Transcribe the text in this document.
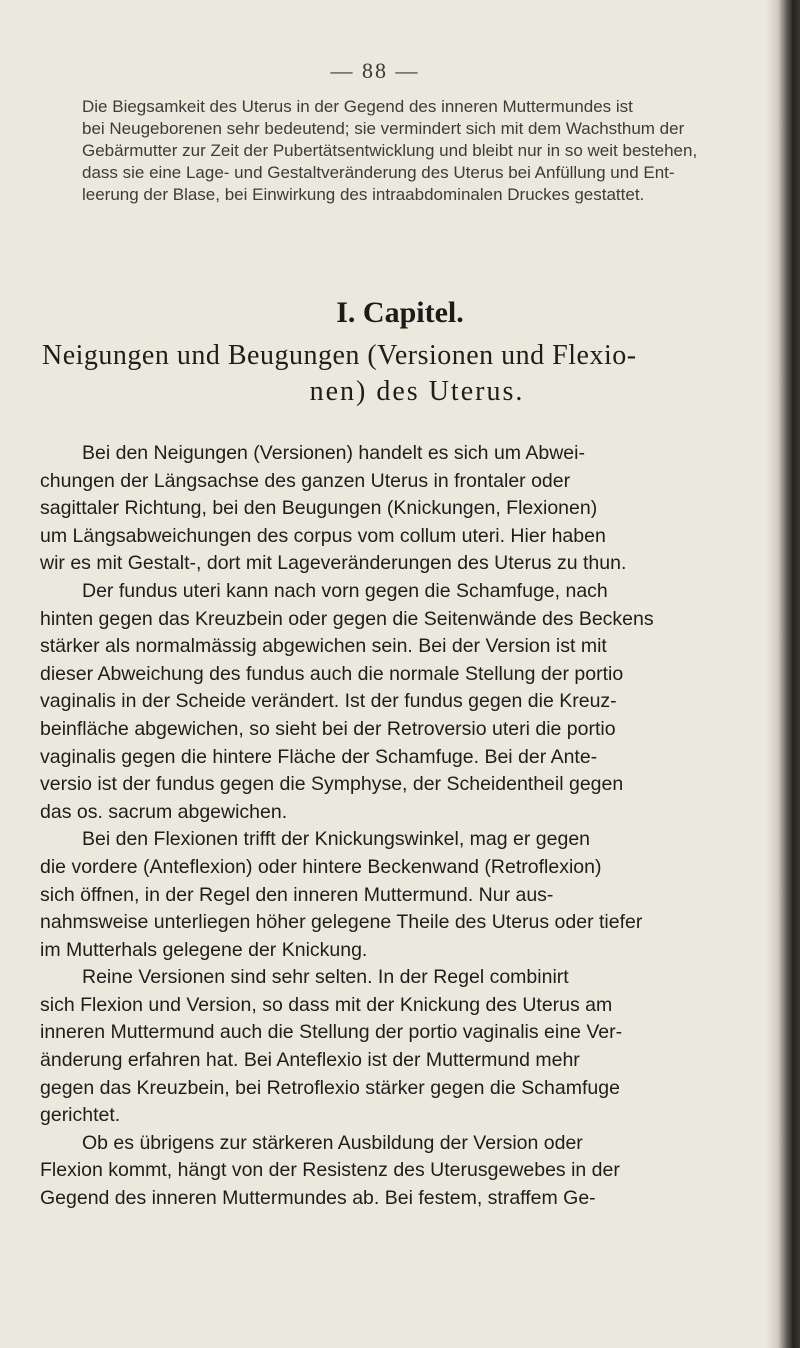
— 88 —
Die Biegsamkeit des Uterus in der Gegend des inneren Muttermundes ist
bei Neugeborenen sehr bedeutend; sie vermindert sich mit dem Wachsthum der
Gebärmutter zur Zeit der Pubertätsentwicklung und bleibt nur in so weit bestehen,
dass sie eine Lage- und Gestaltveränderung des Uterus bei Anfüllung und Ent-
leerung der Blase, bei Einwirkung des intraabdominalen Druckes gestattet.
I. Capitel.
Neigungen und Beugungen (Versionen und Flexio-
nen) des Uterus.
Bei den Neigungen (Versionen) handelt es sich um Abwei-
chungen der Längsachse des ganzen Uterus in frontaler oder
sagittaler Richtung, bei den Beugungen (Knickungen, Flexionen)
um Längsabweichungen des corpus vom collum uteri. Hier haben
wir es mit Gestalt-, dort mit Lageveränderungen des Uterus zu thun.
Der fundus uteri kann nach vorn gegen die Schamfuge, nach
hinten gegen das Kreuzbein oder gegen die Seitenwände des Beckens
stärker als normalmässig abgewichen sein. Bei der Version ist mit
dieser Abweichung des fundus auch die normale Stellung der portio
vaginalis in der Scheide verändert. Ist der fundus gegen die Kreuz-
beinfläche abgewichen, so sieht bei der Retroversio uteri die portio
vaginalis gegen die hintere Fläche der Schamfuge. Bei der Ante-
versio ist der fundus gegen die Symphyse, der Scheidentheil gegen
das os. sacrum abgewichen.
Bei den Flexionen trifft der Knickungswinkel, mag er gegen
die vordere (Anteflexion) oder hintere Beckenwand (Retroflexion)
sich öffnen, in der Regel den inneren Muttermund. Nur aus-
nahmsweise unterliegen höher gelegene Theile des Uterus oder tiefer
im Mutterhals gelegene der Knickung.
Reine Versionen sind sehr selten. In der Regel combinirt
sich Flexion und Version, so dass mit der Knickung des Uterus am
inneren Muttermund auch die Stellung der portio vaginalis eine Ver-
änderung erfahren hat. Bei Anteflexio ist der Muttermund mehr
gegen das Kreuzbein, bei Retroflexio stärker gegen die Schamfuge
gerichtet.
Ob es übrigens zur stärkeren Ausbildung der Version oder
Flexion kommt, hängt von der Resistenz des Uterusgewebes in der
Gegend des inneren Muttermundes ab. Bei festem, straffem Ge-
